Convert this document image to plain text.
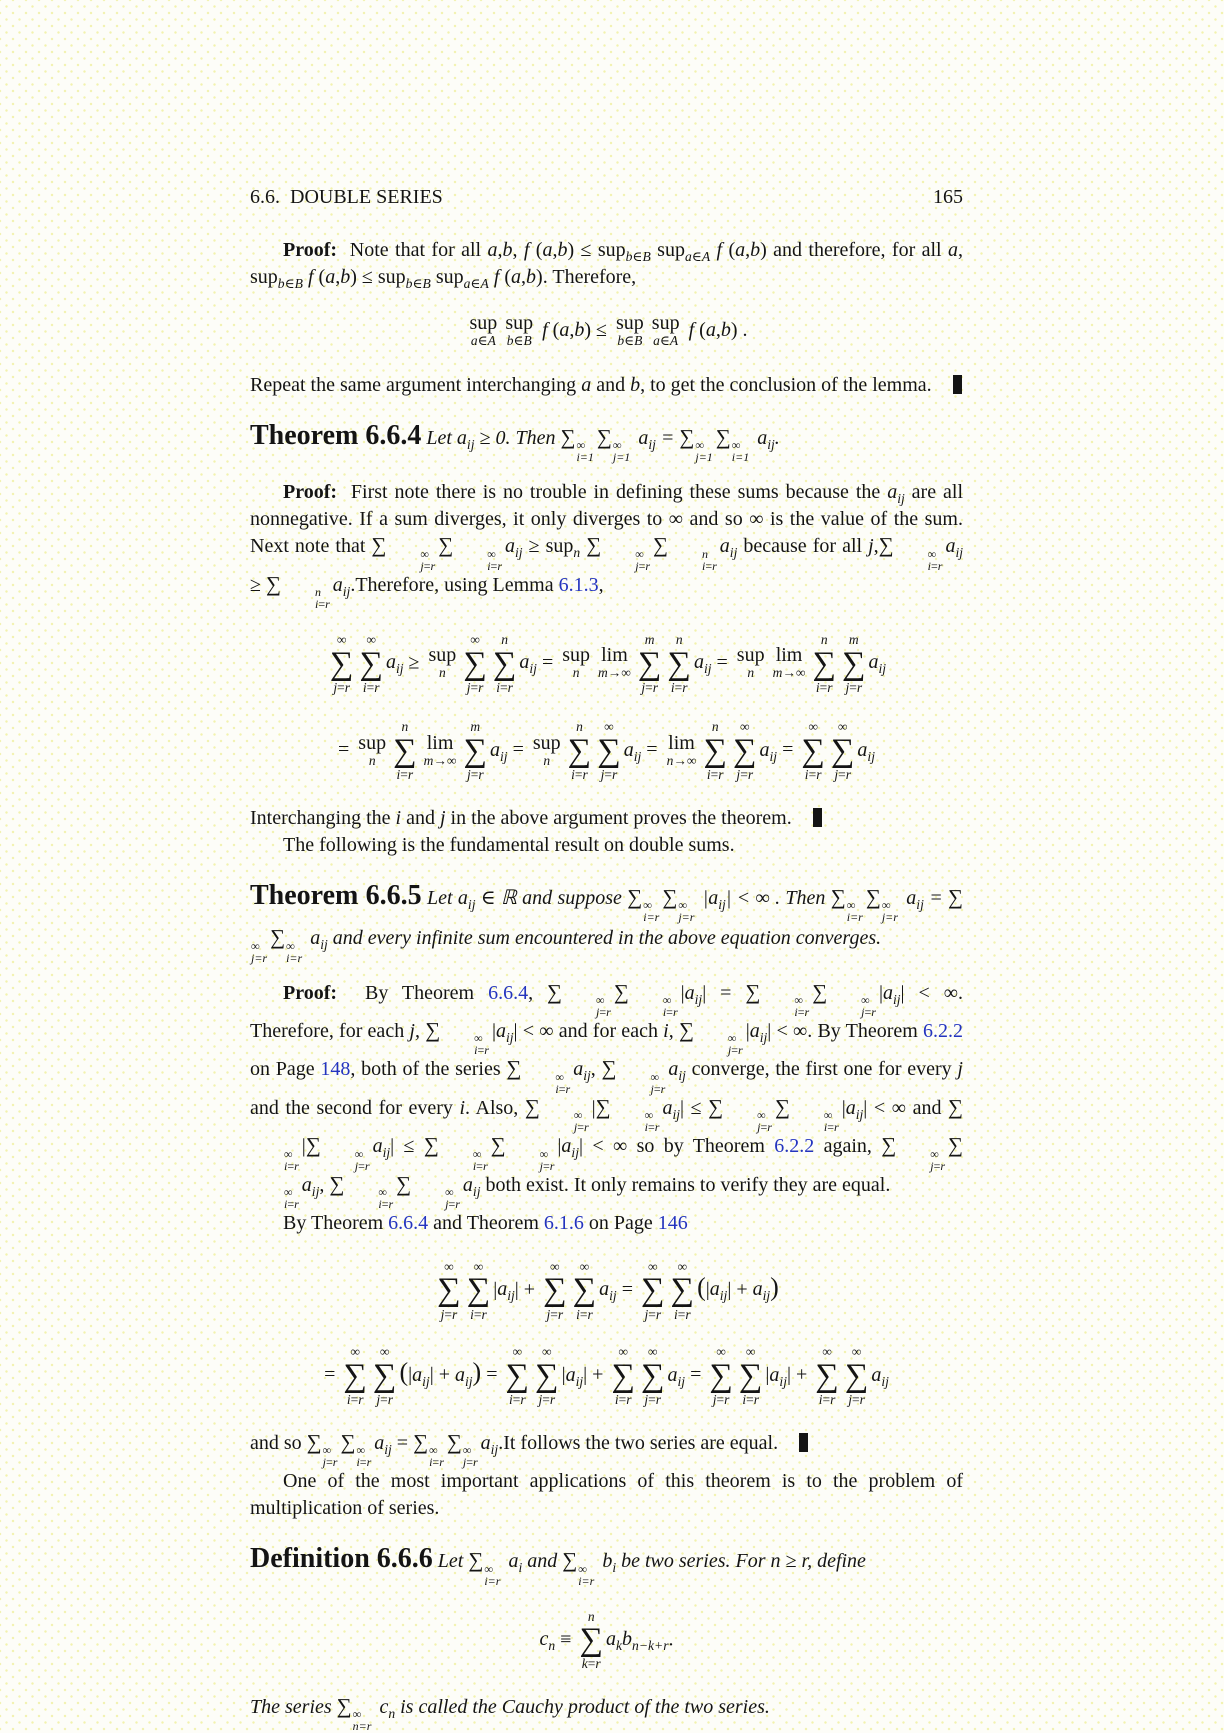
6.6.  DOUBLE SERIES	165
Proof:  Note that for all a,b, f (a,b) ≤ sup$_{b\in B}$ sup$_{a\in A}$ f (a,b) and therefore, for all a, sup$_{b\in B}$ f (a,b) ≤ sup$_{b\in B}$ sup$_{a\in A}$ f (a,b). Therefore,
sup
a∈A
sup
b∈B f (a,b) ≤ sup
b∈B
sup
a∈A f (a,b) .
Repeat the same argument interchanging a and b, to get the conclusion of the lemma.
Theorem 6.6.4 Let $a_{ij} \ge 0$. Then ∑ ∞
i=1
∑ ∞
j=1
$a_{ij}$ = ∑ ∞
j=1
∑ ∞
i=1
$a_{ij}$.
Proof:  First note there is no trouble in defining these sums because the $a_{ij}$ are all nonnegative. If a sum diverges, it only diverges to ∞ and so ∞ is the value of the sum. Next note that ∑	∞
j=r
∑	∞
i=r
$a_{ij} \ge sup_n$ ∑	∞
j=r
∑	n
i=r
$a_{ij}$ because for all j,∑	∞
i=r
$a_{ij}$ ≥ ∑	n
i=r
$a_{ij}.Therefore$, using Lemma 6.1.3,
∞
∑
j=r
∞
∑
i=r
$a_{ij}$ ≥ sup
n
∞
∑
j=r
n
∑
i=r
$a_{ij}$ = sup
n
lim
m→∞
m
∑
j=r
n
∑
i=r
$a_{ij}$ = sup
n
lim
m→∞
n
∑
i=r
m
∑
j=r
$a_{ij}$
= sup
n
n
∑
i=r
lim
m→∞
m
∑
j=r
$a_{ij}$ = sup
n
n
∑
i=r
∞
∑
j=r
$a_{ij} = \lim$
n→∞
n
∑
i=r
∞
∑
j=r
$a_{ij}$ =
∞
∑
i=r
∞
∑
j=r
$a_{ij}$
Interchanging the i and j in the above argument proves the theorem.
The following is the fundamental result on double sums.
Theorem 6.6.5 Let $a_{ij}$ ∈ ℝ and suppose ∑ ∞
i=r
∑ ∞
j=r
$|a_{ij}|$ < ∞ . Then ∑ ∞
i=r
∑ ∞
j=r
$a_{ij}$ = ∑
∞
j=r
∑ ∞
i=r
$a_{ij}$ and every infinite sum encountered in the above equation converges.
Proof:  By Theorem 6.6.4, ∑	∞
j=r
∑	∞
i=r
$|a_{ij}|$ = ∑	∞
i=r
∑	∞
j=r
$|a_{ij}|$ < ∞. Therefore, for each j, ∑	∞
i=r
$|a_{ij}|$ < ∞ and for each i, ∑	∞
j=r
$|a_{ij}|$ < ∞. By Theorem 6.2.2 on Page 148, both of the series ∑	∞
i=r
$a_{ij}$, ∑	∞
j=r
$a_{ij}$ converge, the first one for every j and the second for every i. Also, ∑	∞
j=r
|∑	∞
i=r
$a_{ij}|$ ≤ ∑	∞
j=r
∑	∞
i=r
$|a_{ij}|$ < ∞ and ∑
∞
i=r
|∑	∞
j=r
$a_{ij}|$ ≤ ∑	∞
i=r
∑	∞
j=r
$|a_{ij}|$ < ∞ so by Theorem 6.2.2 again, ∑	∞
j=r
∑
∞
i=r
$a_{ij}$, ∑	∞
i=r
∑	∞
j=r
$a_{ij}$ both exist. It only remains to verify they are equal.
By Theorem 6.6.4 and Theorem 6.1.6 on Page 146
∞
∑
j=r
∞
∑
i=r
$|a_{ij}|$ +
∞
∑
j=r
∞
∑
i=r
$a_{ij}$ =
∞
∑
j=r
∞
∑
i=r
$(|a_{ij}| + a_{ij})$
=
∞
∑
i=r
∞
∑
j=r
$(|a_{ij}| + a_{ij})$ =
∞
∑
i=r
∞
∑
j=r
$|a_{ij}|$ +
∞
∑
i=r
∞
∑
j=r
$a_{ij}$ =
∞
∑
j=r
∞
∑
i=r
$|a_{ij}|$ +
∞
∑
i=r
∞
∑
j=r
$a_{ij}$
and so ∑ ∞
j=r
∑ ∞
i=r
$a_{ij}$ = ∑ ∞
i=r
∑ ∞
j=r
$a_{ij}.It$ follows the two series are equal.
One of the most important applications of this theorem is to the problem of multiplication of series.
Definition 6.6.6 Let ∑ ∞
i=r
$a_i$ and ∑ ∞
i=r
$b_i$ be two series. For n ≥ r, define
$c_n$ ≡
n
∑
k=r
$a_kb_{n-k+r}$.
The series ∑ ∞
n=r
$c_n$ is called the Cauchy product of the two series.
